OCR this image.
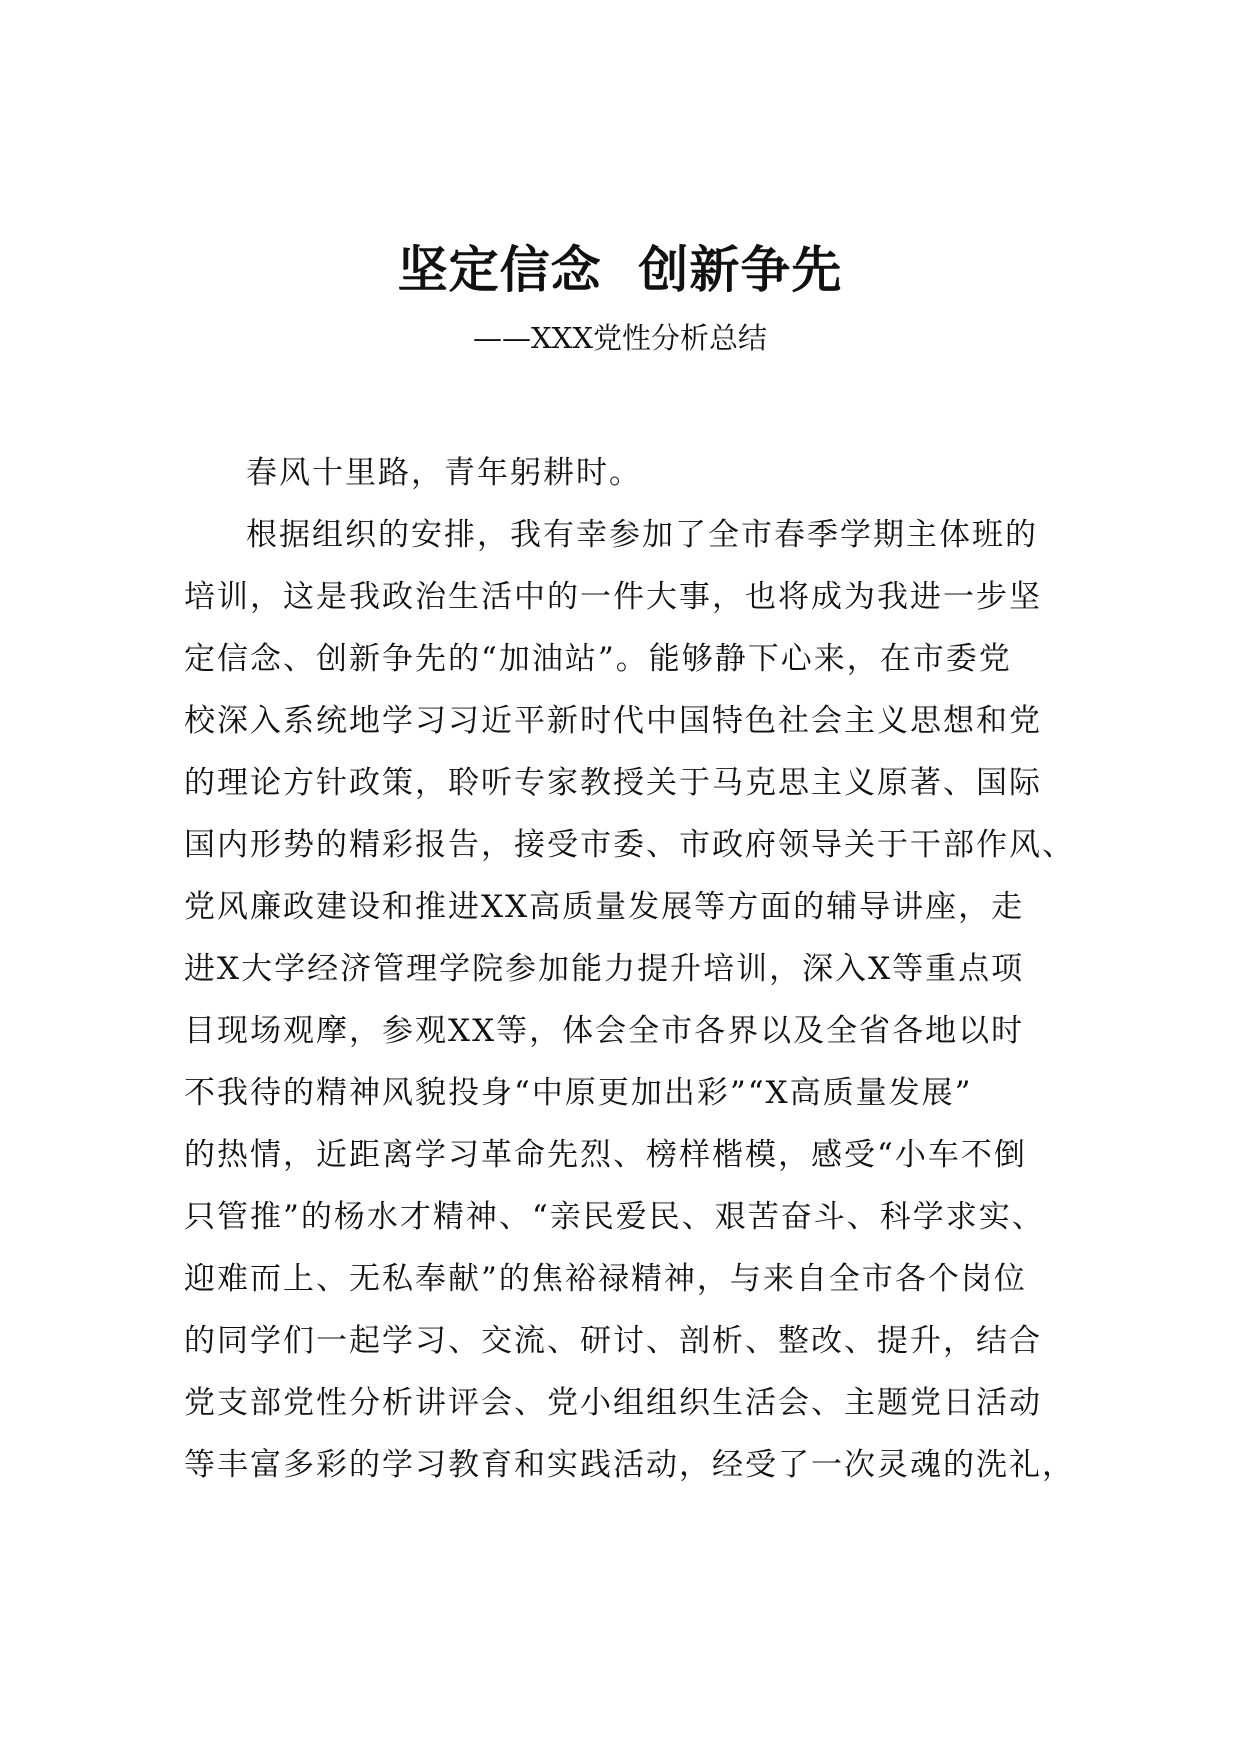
坚定信念  创新争先
——XXX党性分析总结
春风十里路，青年躬耕时。
根据组织的安排，我有幸参加了全市春季学期主体班的
培训，这是我政治生活中的一件大事，也将成为我进一步坚
定信念、创新争先的“加油站”。能够静下心来，在市委党
校深入系统地学习习近平新时代中国特色社会主义思想和党
的理论方针政策，聆听专家教授关于马克思主义原著、国际
国内形势的精彩报告，接受市委、市政府领导关于干部作风、
党风廉政建设和推进XX高质量发展等方面的辅导讲座，走
进X大学经济管理学院参加能力提升培训，深入X等重点项
目现场观摩，参观XX等，体会全市各界以及全省各地以时
不我待的精神风貌投身“中原更加出彩”“X高质量发展”
的热情，近距离学习革命先烈、榜样楷模，感受“小车不倒
只管推”的杨水才精神、“亲民爱民、艰苦奋斗、科学求实、
迎难而上、无私奉献”的焦裕禄精神，与来自全市各个岗位
的同学们一起学习、交流、研讨、剖析、整改、提升，结合
党支部党性分析讲评会、党小组组织生活会、主题党日活动
等丰富多彩的学习教育和实践活动，经受了一次灵魂的洗礼，
